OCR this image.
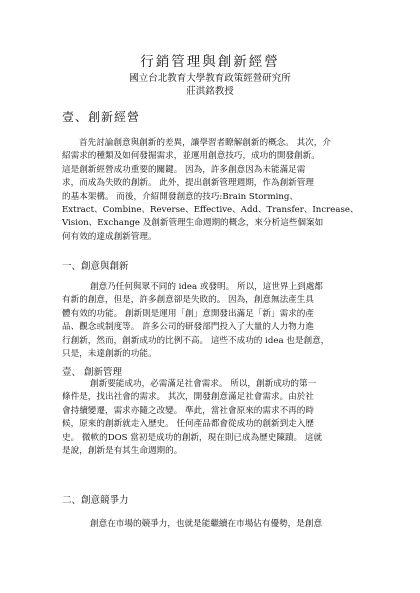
行銷管理與創新經營
國立台北教育大學教育政策經營研究所
莊淇銘教授
壹、創新經營
首先討論創意與創新的差異，讓學習者瞭解創新的概念。 其次，介
紹需求的種類及如何發掘需求，並運用創意技巧，成功的開發創新。
這是創新經營成功重要的關鍵。 因為，許多創意因為未能滿足需
求，而成為失敗的創新。 此外，提出創新管理週期，作為創新管理
的基本架構。 而後，介紹開發創意的技巧:Brain Storming、
Extract、Combine、Reverse、Effective、Add、Transfer、Increase、
Vision、Exchange 及創新管理生命週期的概念，來分析這些個案如
何有效的達成創新管理。
一、創意與創新
創意乃任何與眾不同的 idea 或發明。 所以，這世界上到處都
有新的創意，但是，許多創意卻是失敗的。 因為，創意無法產生具
體有效的功能。 創新則是運用「創」意開發出滿足「新」需求的產
品、觀念或制度等。 許多公司的研發部門投入了大量的人力物力進
行創新，然而，創新成功的比例不高。 這些不成功的 idea 也是創意，
只是，未達創新的功能。
壹、 創新管理
創新要能成功，必需滿足社會需求。 所以，創新成功的第一
條件是，找出社會的需求。 其次，開發創意滿足社會需求。由於社
會持續變遷，需求亦隨之改變。 準此，當社會原來的需求不再的時
候，原來的創新就走入歷史。 任何產品都會從成功的創新到走入歷
史。 微軟的DOS 當初是成功的創新，現在則已成為歷史陳蹟。 這就
是說，創新是有其生命週期的。
二、創意競爭力
創意在市場的競爭力，也就是能繼續在市場佔有優勢，是創意
